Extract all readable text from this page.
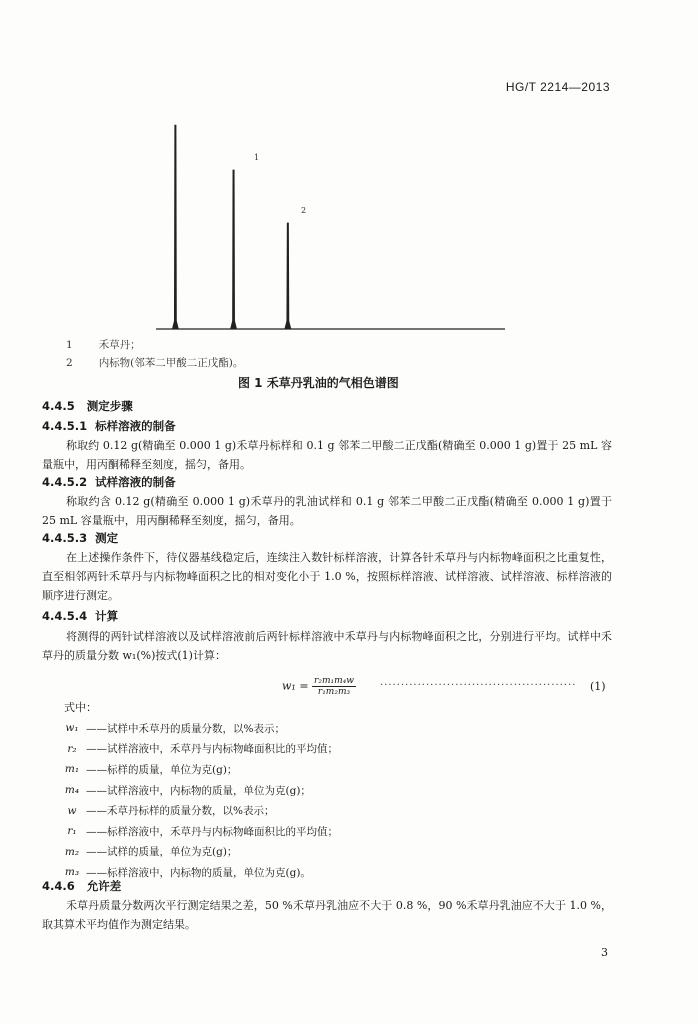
HG/T 2214—2013
1
2
1 禾草丹；
2 内标物(邻苯二甲酸二正戊酯)。
图 1 禾草丹乳油的气相色谱图
4.4.5 测定步骤
4.4.5.1 标样溶液的制备
称取约 0.12 g(精确至 0.000 1 g)禾草丹标样和 0.1 g 邻苯二甲酸二正戊酯(精确至 0.000 1 g)置于 25 mL 容量瓶中，用丙酮稀释至刻度，摇匀，备用。
4.4.5.2 试样溶液的制备
称取约含 0.12 g(精确至 0.000 1 g)禾草丹的乳油试样和 0.1 g 邻苯二甲酸二正戊酯(精确至 0.000 1 g)置于 25 mL 容量瓶中，用丙酮稀释至刻度，摇匀，备用。
4.4.5.3 测定
在上述操作条件下，待仪器基线稳定后，连续注入数针标样溶液，计算各针禾草丹与内标物峰面积之比重复性，直至相邻两针禾草丹与内标物峰面积之比的相对变化小于 1.0 %，按照标样溶液、试样溶液、试样溶液、标样溶液的顺序进行测定。
4.4.5.4 计算
将测得的两针试样溶液以及试样溶液前后两针标样溶液中禾草丹与内标物峰面积之比，分别进行平均。试样中禾草丹的质量分数 w₁(%)按式(1)计算：
$w_1 = \frac{\text{r₂m₁m₄w}}{\text{r₁m₂m₃}}$ ··············································· (1)
式中：
w₁	——试样中禾草丹的质量分数，以%表示；
r₂	——试样溶液中，禾草丹与内标物峰面积比的平均值；
m₁	——标样的质量，单位为克(g)；
m₄	——试样溶液中，内标物的质量，单位为克(g)；
w	——禾草丹标样的质量分数，以%表示；
r₁	——标样溶液中，禾草丹与内标物峰面积比的平均值；
m₂	——试样的质量，单位为克(g)；
m₃	——标样溶液中，内标物的质量，单位为克(g)。
4.4.6 允许差
禾草丹质量分数两次平行测定结果之差，50 %禾草丹乳油应不大于 0.8 %，90 %禾草丹乳油应不大于 1.0 %，取其算术平均值作为测定结果。
3
